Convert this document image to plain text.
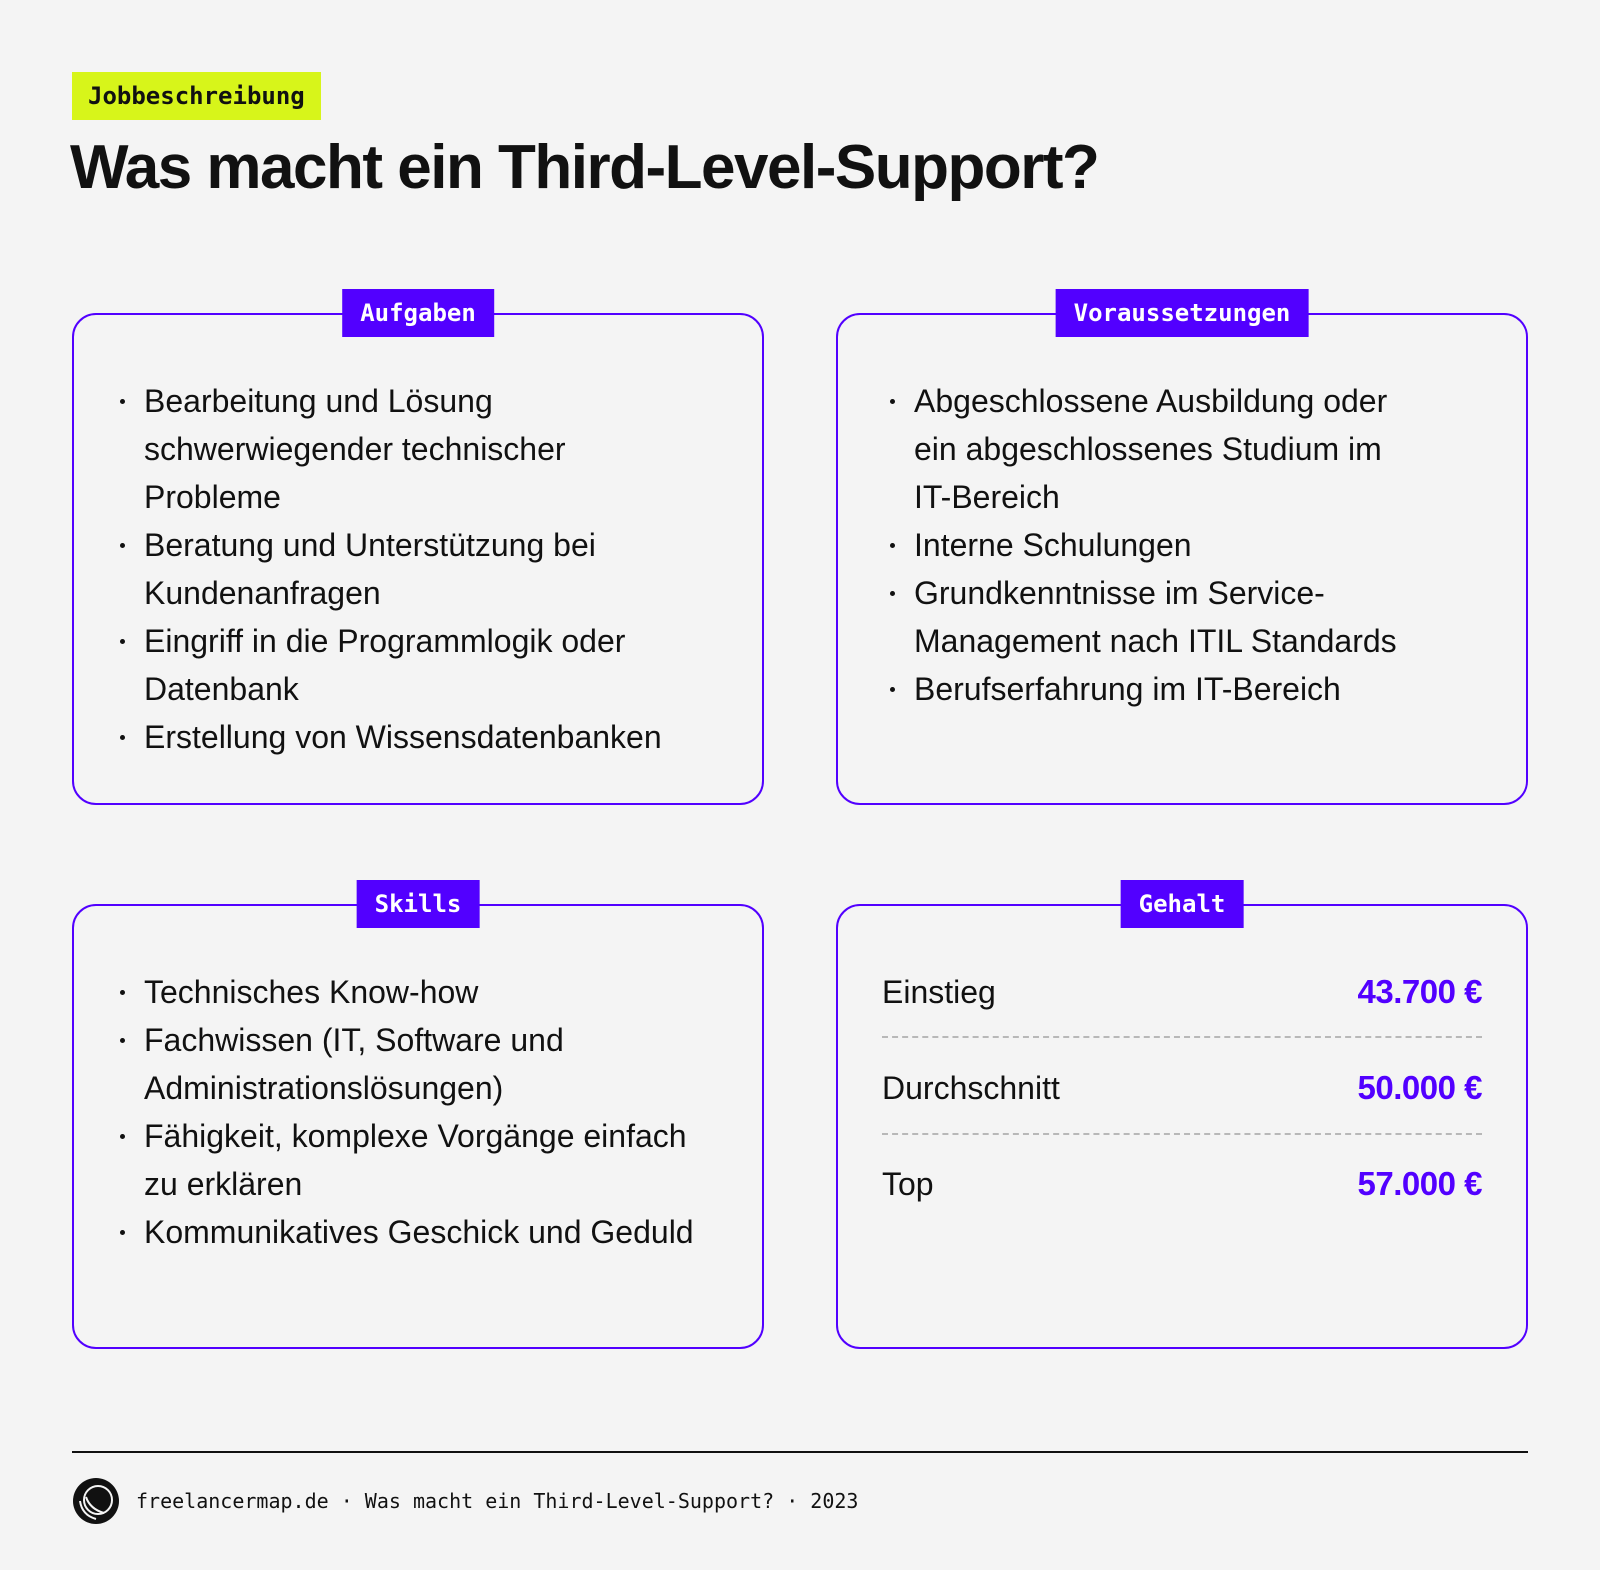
Jobbeschreibung
Was macht ein Third-Level-Support?
Aufgaben
Bearbeitung und Lösung schwerwiegender technischer Probleme
Beratung und Unterstützung bei Kundenanfragen
Eingriff in die Programmlogik oder Datenbank
Erstellung von Wissensdatenbanken
Voraussetzungen
Abgeschlossene Ausbildung oder ein abgeschlossenes Studium im IT-Bereich
Interne Schulungen
Grundkenntnisse im Service-Management nach ITIL Standards
Berufserfahrung im IT-Bereich
Skills
Technisches Know-how
Fachwissen (IT, Software und Administrationslösungen)
Fähigkeit, komplexe Vorgänge einfach zu erklären
Kommunikatives Geschick und Geduld
Gehalt
Einstieg	43.700 €
Durchschnitt	50.000 €
Top	57.000 €
freelancermap.de · Was macht ein Third-Level-Support? · 2023
